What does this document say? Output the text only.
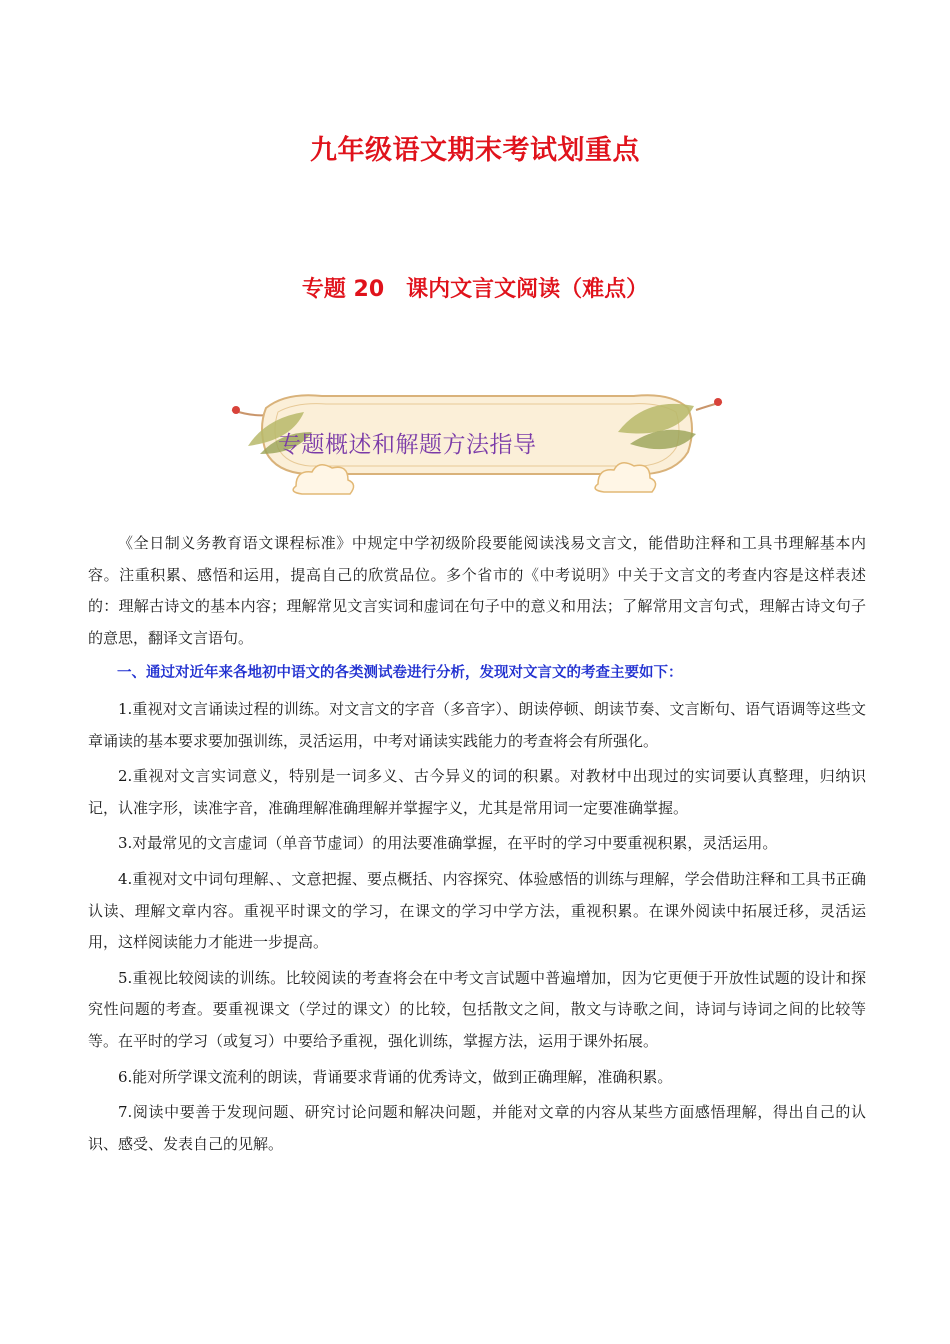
九年级语文期末考试划重点
专题 20　课内文言文阅读（难点）
专题概述和解题方法指导

《全日制义务教育语文课程标准》中规定中学初级阶段要能阅读浅易文言文，能借助注释和工具书理解基本内容。注重积累、感悟和运用，提高自己的欣赏品位。多个省市的《中考说明》中关于文言文的考查内容是这样表述的：理解古诗文的基本内容；理解常见文言实词和虚词在句子中的意义和用法；了解常用文言句式，理解古诗文句子的意思，翻译文言语句。

一、通过对近年来各地初中语文的各类测试卷进行分析，发现对文言文的考查主要如下：

1.重视对文言诵读过程的训练。对文言文的字音（多音字）、朗读停顿、朗读节奏、文言断句、语气语调等这些文章诵读的基本要求要加强训练，灵活运用，中考对诵读实践能力的考查将会有所强化。

2.重视对文言实词意义，特别是一词多义、古今异义的词的积累。对教材中出现过的实词要认真整理，归纳识记，认准字形，读准字音，准确理解准确理解并掌握字义，尤其是常用词一定要准确掌握。

3.对最常见的文言虚词（单音节虚词）的用法要准确掌握，在平时的学习中要重视积累，灵活运用。

4.重视对文中词句理解、、文意把握、要点概括、内容探究、体验感悟的训练与理解，学会借助注释和工具书正确认读、理解文章内容。重视平时课文的学习，在课文的学习中学方法，重视积累。在课外阅读中拓展迁移，灵活运用，这样阅读能力才能进一步提高。

5.重视比较阅读的训练。比较阅读的考查将会在中考文言试题中普遍增加，因为它更便于开放性试题的设计和探究性问题的考查。要重视课文（学过的课文）的比较，包括散文之间，散文与诗歌之间，诗词与诗词之间的比较等等。在平时的学习（或复习）中要给予重视，强化训练，掌握方法，运用于课外拓展。

6.能对所学课文流利的朗读，背诵要求背诵的优秀诗文，做到正确理解，准确积累。

7.阅读中要善于发现问题、研究讨论问题和解决问题，并能对文章的内容从某些方面感悟理解，得出自己的认识、感受、发表自己的见解。
